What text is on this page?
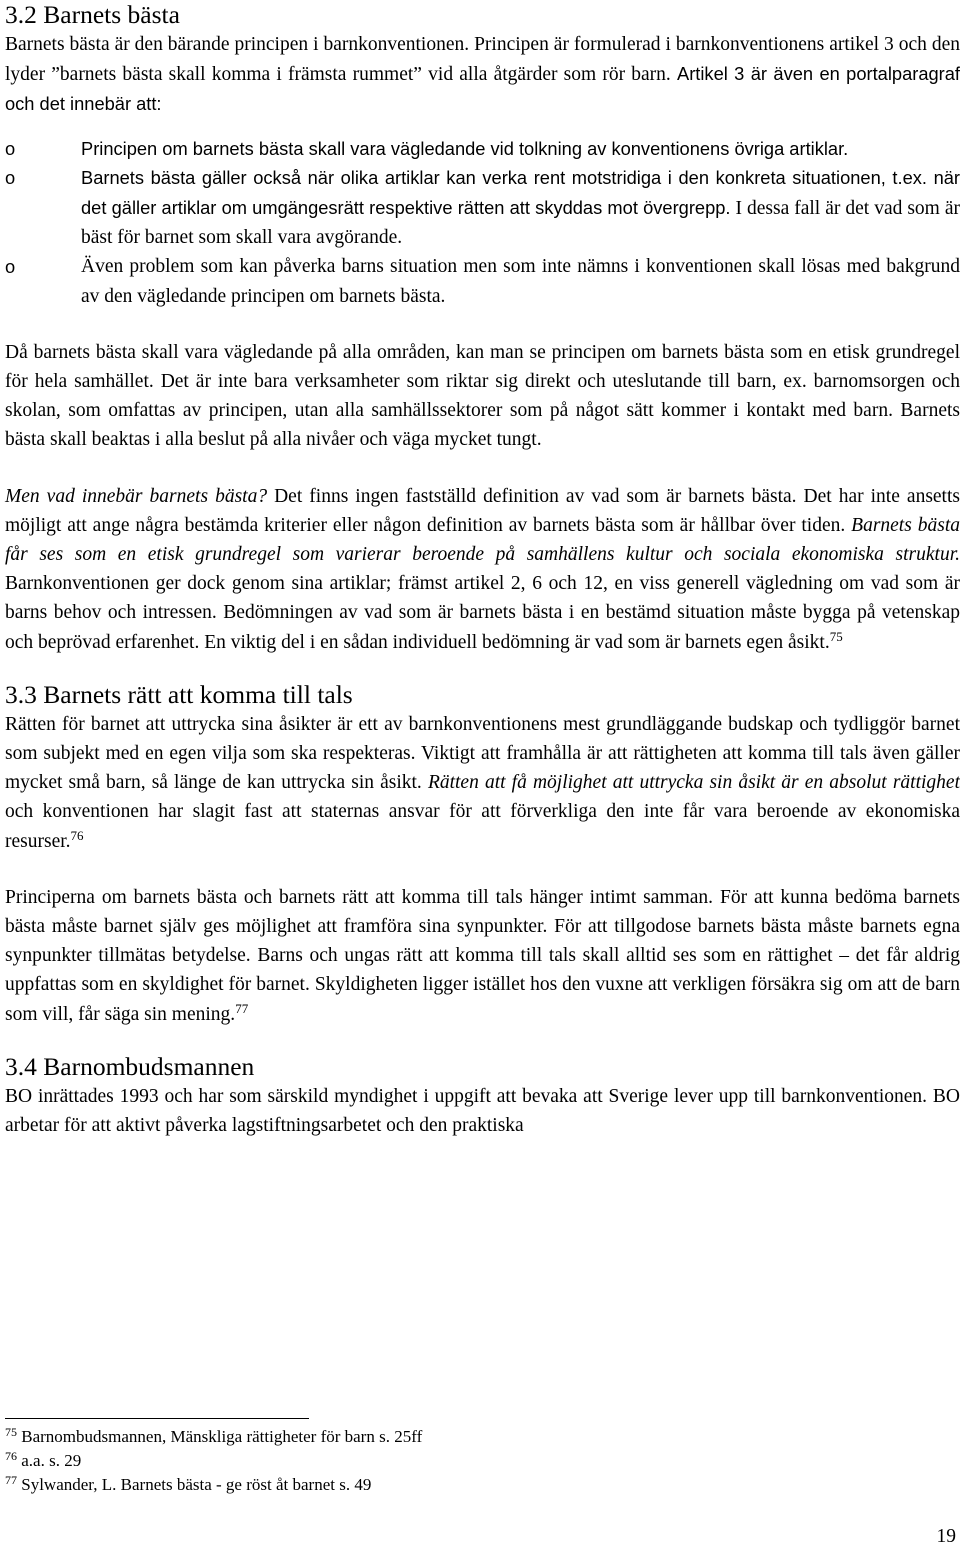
3.2 Barnets bästa

Barnets bästa är den bärande principen i barnkonventionen. Principen är formulerad i barnkonventionens artikel 3 och den lyder ”barnets bästa skall komma i främsta rummet” vid alla åtgärder som rör barn. Artikel 3 är även en portalparagraf och det innebär att:

o	Principen om barnets bästa skall vara vägledande vid tolkning av konventionens övriga artiklar.
o	Barnets bästa gäller också när olika artiklar kan verka rent motstridiga i den konkreta situationen, t.ex. när det gäller artiklar om umgängesrätt respektive rätten att skyddas mot övergrepp. I dessa fall är det vad som är bäst för barnet som skall vara avgörande.
o	Även problem som kan påverka barns situation men som inte nämns i konventionen skall lösas med bakgrund av den vägledande principen om barnets bästa.

Då barnets bästa skall vara vägledande på alla områden, kan man se principen om barnets bästa som en etisk grundregel för hela samhället. Det är inte bara verksamheter som riktar sig direkt och uteslutande till barn, ex. barnomsorgen och skolan, som omfattas av principen, utan alla samhällssektorer som på något sätt kommer i kontakt med barn. Barnets bästa skall beaktas i alla beslut på alla nivåer och väga mycket tungt.

Men vad innebär barnets bästa? Det finns ingen fastställd definition av vad som är barnets bästa. Det har inte ansetts möjligt att ange några bestämda kriterier eller någon definition av barnets bästa som är hållbar över tiden. Barnets bästa får ses som en etisk grundregel som varierar beroende på samhällens kultur och sociala ekonomiska struktur. Barnkonventionen ger dock genom sina artiklar; främst artikel 2, 6 och 12, en viss generell vägledning om vad som är barns behov och intressen. Bedömningen av vad som är barnets bästa i en bestämd situation måste bygga på vetenskap och beprövad erfarenhet. En viktig del i en sådan individuell bedömning är vad som är barnets egen åsikt.$^{75}$

3.3 Barnets rätt att komma till tals

Rätten för barnet att uttrycka sina åsikter är ett av barnkonventionens mest grundläggande budskap och tydliggör barnet som subjekt med en egen vilja som ska respekteras. Viktigt att framhålla är att rättigheten att komma till tals även gäller mycket små barn, så länge de kan uttrycka sin åsikt. Rätten att få möjlighet att uttrycka sin åsikt är en absolut rättighet och konventionen har slagit fast att staternas ansvar för att förverkliga den inte får vara beroende av ekonomiska resurser.$^{76}$

Principerna om barnets bästa och barnets rätt att komma till tals hänger intimt samman. För att kunna bedöma barnets bästa måste barnet själv ges möjlighet att framföra sina synpunkter. För att tillgodose barnets bästa måste barnets egna synpunkter tillmätas betydelse. Barns och ungas rätt att komma till tals skall alltid ses som en rättighet – det får aldrig uppfattas som en skyldighet för barnet. Skyldigheten ligger istället hos den vuxne att verkligen försäkra sig om att de barn som vill, får säga sin mening.$^{77}$

3.4 Barnombudsmannen

BO inrättades 1993 och har som särskild myndighet i uppgift att bevaka att Sverige lever upp till barnkonventionen. BO arbetar för att aktivt påverka lagstiftningsarbetet och den praktiska

$^{75}$ Barnombudsmannen, Mänskliga rättigheter för barn s. 25ff
$^{76}$ a.a. s. 29
$^{77}$ Sylwander, L. Barnets bästa - ge röst åt barnet s. 49
19
